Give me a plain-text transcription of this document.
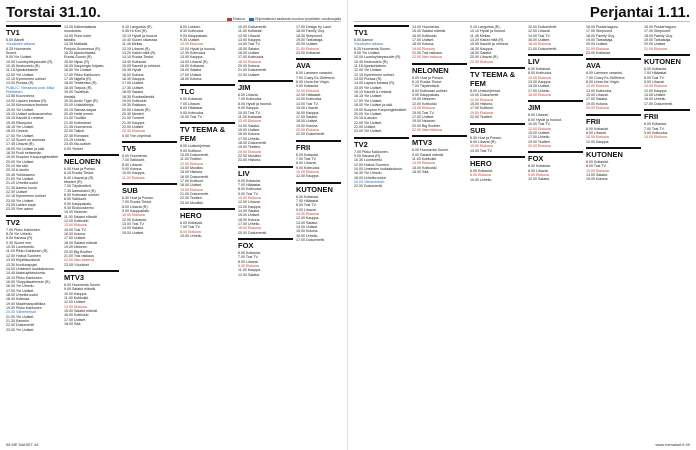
Torstai 31.10.	Elokuva	Ohjelmatiedot saattavat muuttua lyhyelläkin varoitusajalla
TV1
6.00 Ääneti
Yöuutisten aikana.
6.25 Huomenta
Suomi.
9.00 Yle Uutiset.
10.00 Luontoyhteysuudet (R).
10.45 Keskustelu (R).
11.15 Ajankohtainen
12.00 Yle Uutiset.
12.15 Kymmenen uutiset
13.00 Purkaa (R).
PUBLIC: Vieraassa ovat: Mika Pietiläinen
13.58 Kuunnelma
14.00 Lapsen kanssa (R).
14.30 Kiinnostava ihminen
15.00 Yle Uutiset.
15.10 Uutiset selkosuomeksi.
15.15 Kauniit & rohkeat
15.45 Rikosjutut
16.15 Yle Uutiset.
16.25 Onnela
17.00 Yle Uutiset.
17.15 Suomi on asemaa
17.45 Lihavat (R).
18.00 Yle Uutiset ja sää.
18.30 Puoli seitsemän.
19.00 Kuopion Kaupunginteatteri
20.00 Yle Uutiset.
20.10 Ilta sää.
20.15 A-studio
20.45 Ykkösaamu
21.00 Yle Uutiset.
21.20 Urheiluruudut
21.30 Aamun kuvia
22.00 Uutiset
22.15 Kymmenen uutiset
23.00 Yle Uutiset.
23.05 Lasten sarja
23.20 Ylen aamu
TV2
7.00 Pikku Kakkonen.
8.26 Yle Urheilu.
9.00 Kanava (R).
9.30 Suomi mm.
10.30 Luontoretki.
11.00 Pikku Kakkonen (R).
12.00 Hoitoa Suomen
13.00 Kirjallisuustunti
13.30 Kurtturapojat
14.00 Unelmien luokkakokous
14.45 Maksuyhteiskunta
15.10 Pikku Kakkonen.
16.00 Ylioppilasaiheisto (R).
16.30 Yle Urheilu.
17.00 Yle Uutiset.
18.00 Urheiluruudut
18.40 Kotimaa
19.00 Maailmanpolitiikka
19.30 Pikku Kakkonen
20.00 Vähemmistö
21.00 Yle Uutiset.
21.30 Kaverini
22.00 Dokumentit
23.00 Yle Uutiset.
13.30 Kaikenlaisista
muodoista.
14.00 Puhe tulee
taksilla.
14.35 Matkalla
Pohjois-Suomessa (R).
15.20 Ajankohtaista
Ruotsi-Suomi (R).
15.50 Nipsu (R).
16.05 Kaupungin kirjasto.
16.50 Yle Uutiset.
17.00 Pikku Kakkonen.
17.45 Nigella (R).
18.00 Teatterista (R).
18.45 Tarjous (R).
19.00 Tavallisia
ihmisiä.
19.30 Arctic Tiger (R).
20.00 Uutislähetys
20.15 Samaa sarjaa
20.45 Hetki ennen
21.00 Tuulikki
21.30 Kotimaiset
21.45 Huomenna
22.00 Taikuri
22.45 Romaani
23.15 Urheilu
23.45 Ilta-uutiset
0.00 Yleiset
NELONEN
6.00 Huvi ja Ponssi.
6.15 Ruoka Tiedot.
6.40 Lihavat ja (R).
Mesteri (R).
7.00 Täydentävä.
7.30 Aamukahvi (R).
8.00 Kotimaan uutiset.
8.50 Salkkarit.
9.00 Kauppakatu.
9.30 Elokuvakerho
10.00 Nelonen
11.00 Salatut elämät
12.00 Kotikokki
13.00 Elokuva
15.00 Tosi TV
16.00 Kotona
17.00 Uutiset.
18.00 Salatut elämät
19.00 Nelonen
20.00 Big Brother
21.00 Tosi rakkaus
22.00 Illan elokuva
23.55 Yöuutiset
MTV3
6.00 Huomenta Suomi.
9.00 Salatut elämät.
10.00 Kauppa.
11.00 Kotikokki.
12.00 Uutiset.
13.00 Elokuva
15.00 Salatut elämät.
16.00 Kotikokki
17.00 Uutiset.
18.00 Sää.
9.10 Langoista (R).
9.45 Hi-Kini (R).
10.10 Hyvät ja huonot
10.40 Suomi rakastaa
11.45 Mellas.
12.15 Lihavat (R).
13.20 Kaikki mitä (R).
14.10 Ruoka Tiedot.
14.40 Kotiasiat.
15.05 Kauniit ja rohkeat.
15.35 Hyvät
16.00 Kotona.
16.30 Kauppa.
17.00 Uutiset.
17.30 Uutiset.
18.00 Salatut
18.30 Ruokaelämää
19.00 Kotikokki
19.30 Rakkaus
20.00 Lihavat (R).
20.30 Mesteri.
21.00 Tuoreet
21.30 Kauppa
22.00 Uutiset.
22.30 Elokuva
0.00 Yön ohjelmat
TV5
6.00 Huomenta.
7.00 Salkkarit.
8.00 Lihavat.
9.00 Kotona.
10.00 Kauppa.
11.00 Elokuva
SUB
6.30 Huvi ja Ponssi.
7.00 Ruoka Tiedot.
8.00 Lihavat (R).
9.00 Kauppakatu.
10.00 Elokuva
12.00 Kotiasiat.
13.00 Tosi TV.
14.00 Salatut.
15.00 Uutiset.
8.00 Lukkari.
8.30 Kotiruoka.
9.00 Kauppakatu.
9.30 Uutiset.
10.00 Elokuva
12.00 Hyvät ja huonot.
12.30 Kotiruoka.
13.00 Kauppa.
14.00 Lihavat (R).
15.00 Kotiasiat.
16.00 Salatut.
17.00 Uutiset.
18.00 Kotona.
TLC
6.00 Kotiasiat.
7.00 Lihavat.
8.00 Hääasiat.
9.00 Kotiruoka.
10.00 Tosi TV.
TV TEEMA & FEM
8.00 Uutisohjelmat.
9.00 Kulttuuri.
10.00 Dokumentit.
11.00 Teatteri.
12.00 Elokuva
14.00 Musiikki.
15.00 Historia.
16.00 Dokumentti.
17.00 Kulttuuri.
18.00 Uutiset.
19.00 Elokuva
21.00 Dokumentti.
22.00 Teatteri.
23.00 Musiikki.
HERO
6.00 Kotiasiat.
7.00 Tosi TV.
8.00 Elokuva
10.00 Urheilu.
10.00 Dokumentit.
11.00 Kotiasiat.
12.00 Lihavat.
13.00 Kauppa.
14.00 Tosi TV.
15.00 Salatut.
16.00 Uutiset.
17.00 Kotiruoka.
18.00 Elokuva
20.00 Kotona.
21.00 Dokumentti.
22.00 Uutiset.
JIM
6.00 Lihavat.
7.00 Kotiruoka.
8.00 Hyvät ja huonot.
9.00 Kauppa.
10.00 Tosi TV.
11.00 Kotiasiat.
12.00 Elokuva
14.00 Salatut.
15.00 Uutiset.
16.00 Kotona.
17.00 Urheilu.
18.00 Dokumentti.
19.00 Teatteri.
20.00 Elokuva
22.00 Musiikki.
23.00 Historia.
LIV
6.00 Kotiasiat.
7.00 Hääasiat.
8.00 Kotiruoka.
9.00 Tosi TV.
10.00 Elokuva
12.00 Lihavat.
13.00 Kauppa.
14.00 Salatut.
15.00 Uutiset.
16.00 Kotona.
17.00 Urheilu.
18.00 Elokuva
20.00 Dokumentti.
FOX
6.00 Kotiasiat.
7.00 Tosi TV.
8.00 Lihavat.
9.00 Elokuva
11.00 Kauppa.
12.00 Salatut.
17.00 Design by Lauri.
18.00 Family Guy.
18.30 Simpsonit.
19.00 Tarkastaja.
20.00 Uutiset.
21.00 Elokuva
23.00 Kotiasiat.
AVA
6.00 Lammen varastot.
7.00 Crazy Ex-Girlfriend.
8.00 Unna the Virgin.
9.00 Kotiasiat.
10.00 Elokuva
12.00 Hääasiat.
13.00 Kotiruoka.
14.00 Tosi TV.
15.00 Lihavat.
16.00 Kauppa.
17.00 Salatut.
18.00 Uutiset.
19.00 Kotona.
20.00 Elokuva
22.00 Dokumentti.
FRII
6.00 Kotiasiat.
7.00 Tosi TV.
8.00 Lihavat.
9.00 Kotiruoka.
10.00 Elokuva
12.00 Kauppa.
KUTONEN
6.00 Kotiasiat.
7.00 Hääasiat.
8.00 Tosi TV.
9.00 Lihavat.
10.00 Elokuva
12.00 Kauppa.
13.00 Salatut.
14.00 Uutiset.
15.00 Kotona.
16.00 Urheilu.
17.00 Dokumentti.
58 ME NAISET 44
Perjantai 1.11.
TV1
6.00 Aamun
Yöuutisten aikana.
6.25 Huomenta Suomi.
9.00 Yle Uutiset.
10.00 Luontoyhteysuudet (R).
10.45 Keskustelu (R).
11.15 Ajankohtainen.
12.00 Yle Uutiset.
12.15 Kymmenen uutiset.
13.00 Purkaa (R).
14.00 Lapsen kanssa (R).
15.00 Yle Uutiset.
15.15 Kauniit & rohkeat.
16.15 Yle Uutiset.
17.00 Yle Uutiset.
18.00 Yle Uutiset ja sää.
19.00 Kuopion Kaupunginteatteri.
20.00 Yle Uutiset.
20.15 A-studio.
21.00 Yle Uutiset.
22.00 Uutiset.
23.00 Yle Uutiset.
TV2
7.00 Pikku Kakkonen.
9.00 Kanava (R).
10.30 Luontoretki.
12.00 Hoitoa Suomen.
14.00 Unelmien luokkakokous.
16.30 Yle Urheilu.
18.00 Urheiluruudut.
20.00 Vähemmistö.
22.00 Dokumentit.
14.00 Huomenta.
15.00 Salatut elämät.
16.00 Kotikokki.
17.00 Uutiset.
18.00 Kotona.
19.00 Elokuva
21.00 Tosi rakkaus.
22.00 Illan elokuva
NELONEN
6.00 Huvi ja Ponssi.
6.15 Ruoka Tiedot.
7.00 Täydentävä.
8.00 Kotimaan uutiset.
9.00 Kauppakatu.
10.00 Nelonen.
12.00 Kotikokki.
13.00 Elokuva
15.00 Tosi TV.
17.00 Uutiset.
19.00 Nelonen.
20.00 Big Brother.
22.00 Illan elokuva
MTV3
6.00 Huomenta Suomi.
9.00 Salatut elämät.
11.00 Kotikokki.
13.00 Elokuva
16.00 Kotikokki.
18.00 Sää.
9.10 Langoista (R).
10.10 Hyvät ja huonot.
11.45 Mellas.
13.20 Kaikki mitä (R).
15.05 Kauniit ja rohkeat.
16.30 Kauppa.
18.00 Salatut.
20.00 Lihavat (R).
22.30 Elokuva
TV TEEMA & FEM
8.00 Uutisohjelmat.
10.00 Dokumentit.
12.00 Elokuva
15.00 Historia.
17.00 Kulttuuri.
19.00 Elokuva
22.00 Teatteri.
SUB
6.30 Huvi ja Ponssi.
8.00 Lihavat (R).
10.00 Elokuva
13.00 Tosi TV.
HERO
6.00 Kotiasiat.
8.00 Elokuva
10.00 Urheilu.
10.00 Dokumentit.
12.00 Lihavat.
14.00 Tosi TV.
16.00 Uutiset.
18.00 Elokuva
21.00 Dokumentti.
LIV
6.00 Kotiasiat.
8.00 Kotiruoka.
10.00 Elokuva
13.00 Kauppa.
15.00 Uutiset.
17.00 Urheilu.
18.00 Elokuva
JIM
6.00 Lihavat.
8.00 Hyvät ja huonot.
10.00 Tosi TV.
12.00 Elokuva
15.00 Uutiset.
17.00 Urheilu.
19.00 Teatteri.
20.00 Elokuva
FOX
6.00 Kotiasiat.
8.00 Lihavat.
9.00 Elokuva
12.00 Salatut.
16.00 Puutarhaguru.
17.00 Simpsonit.
18.00 Family Guy.
19.00 Tarkastaja.
20.00 Uutiset.
21.00 Elokuva
23.00 Kotiasiat.
AVA
6.00 Lammen varastot.
7.00 Crazy Ex-Girlfriend.
8.00 Unna the Virgin.
10.00 Elokuva
13.00 Kotiruoka.
15.00 Lihavat.
17.00 Salatut.
19.00 Kotona.
20.00 Elokuva
FRII
6.00 Kotiasiat.
8.00 Lihavat.
10.00 Elokuva
12.00 Kauppa.
KUTONEN
6.00 Kotiasiat.
8.00 Tosi TV.
10.00 Elokuva
13.00 Salatut.
15.00 Kotona.
16.00 Puutarhaguru.
17.00 Simpsonit.
18.00 Family Guy.
19.00 Tarkastaja.
20.00 Uutiset.
21.00 Elokuva
KUTONEN
6.00 Kotiasiat.
7.00 Hääasiat.
8.00 Tosi TV.
9.00 Lihavat.
10.00 Elokuva
12.00 Kauppa.
14.00 Uutiset.
16.00 Urheilu.
17.00 Dokumentti.
FRII
6.00 Kotiasiat.
7.00 Tosi TV.
9.00 Kotiruoka.
10.00 Elokuva
www.menaiset.fi 59
